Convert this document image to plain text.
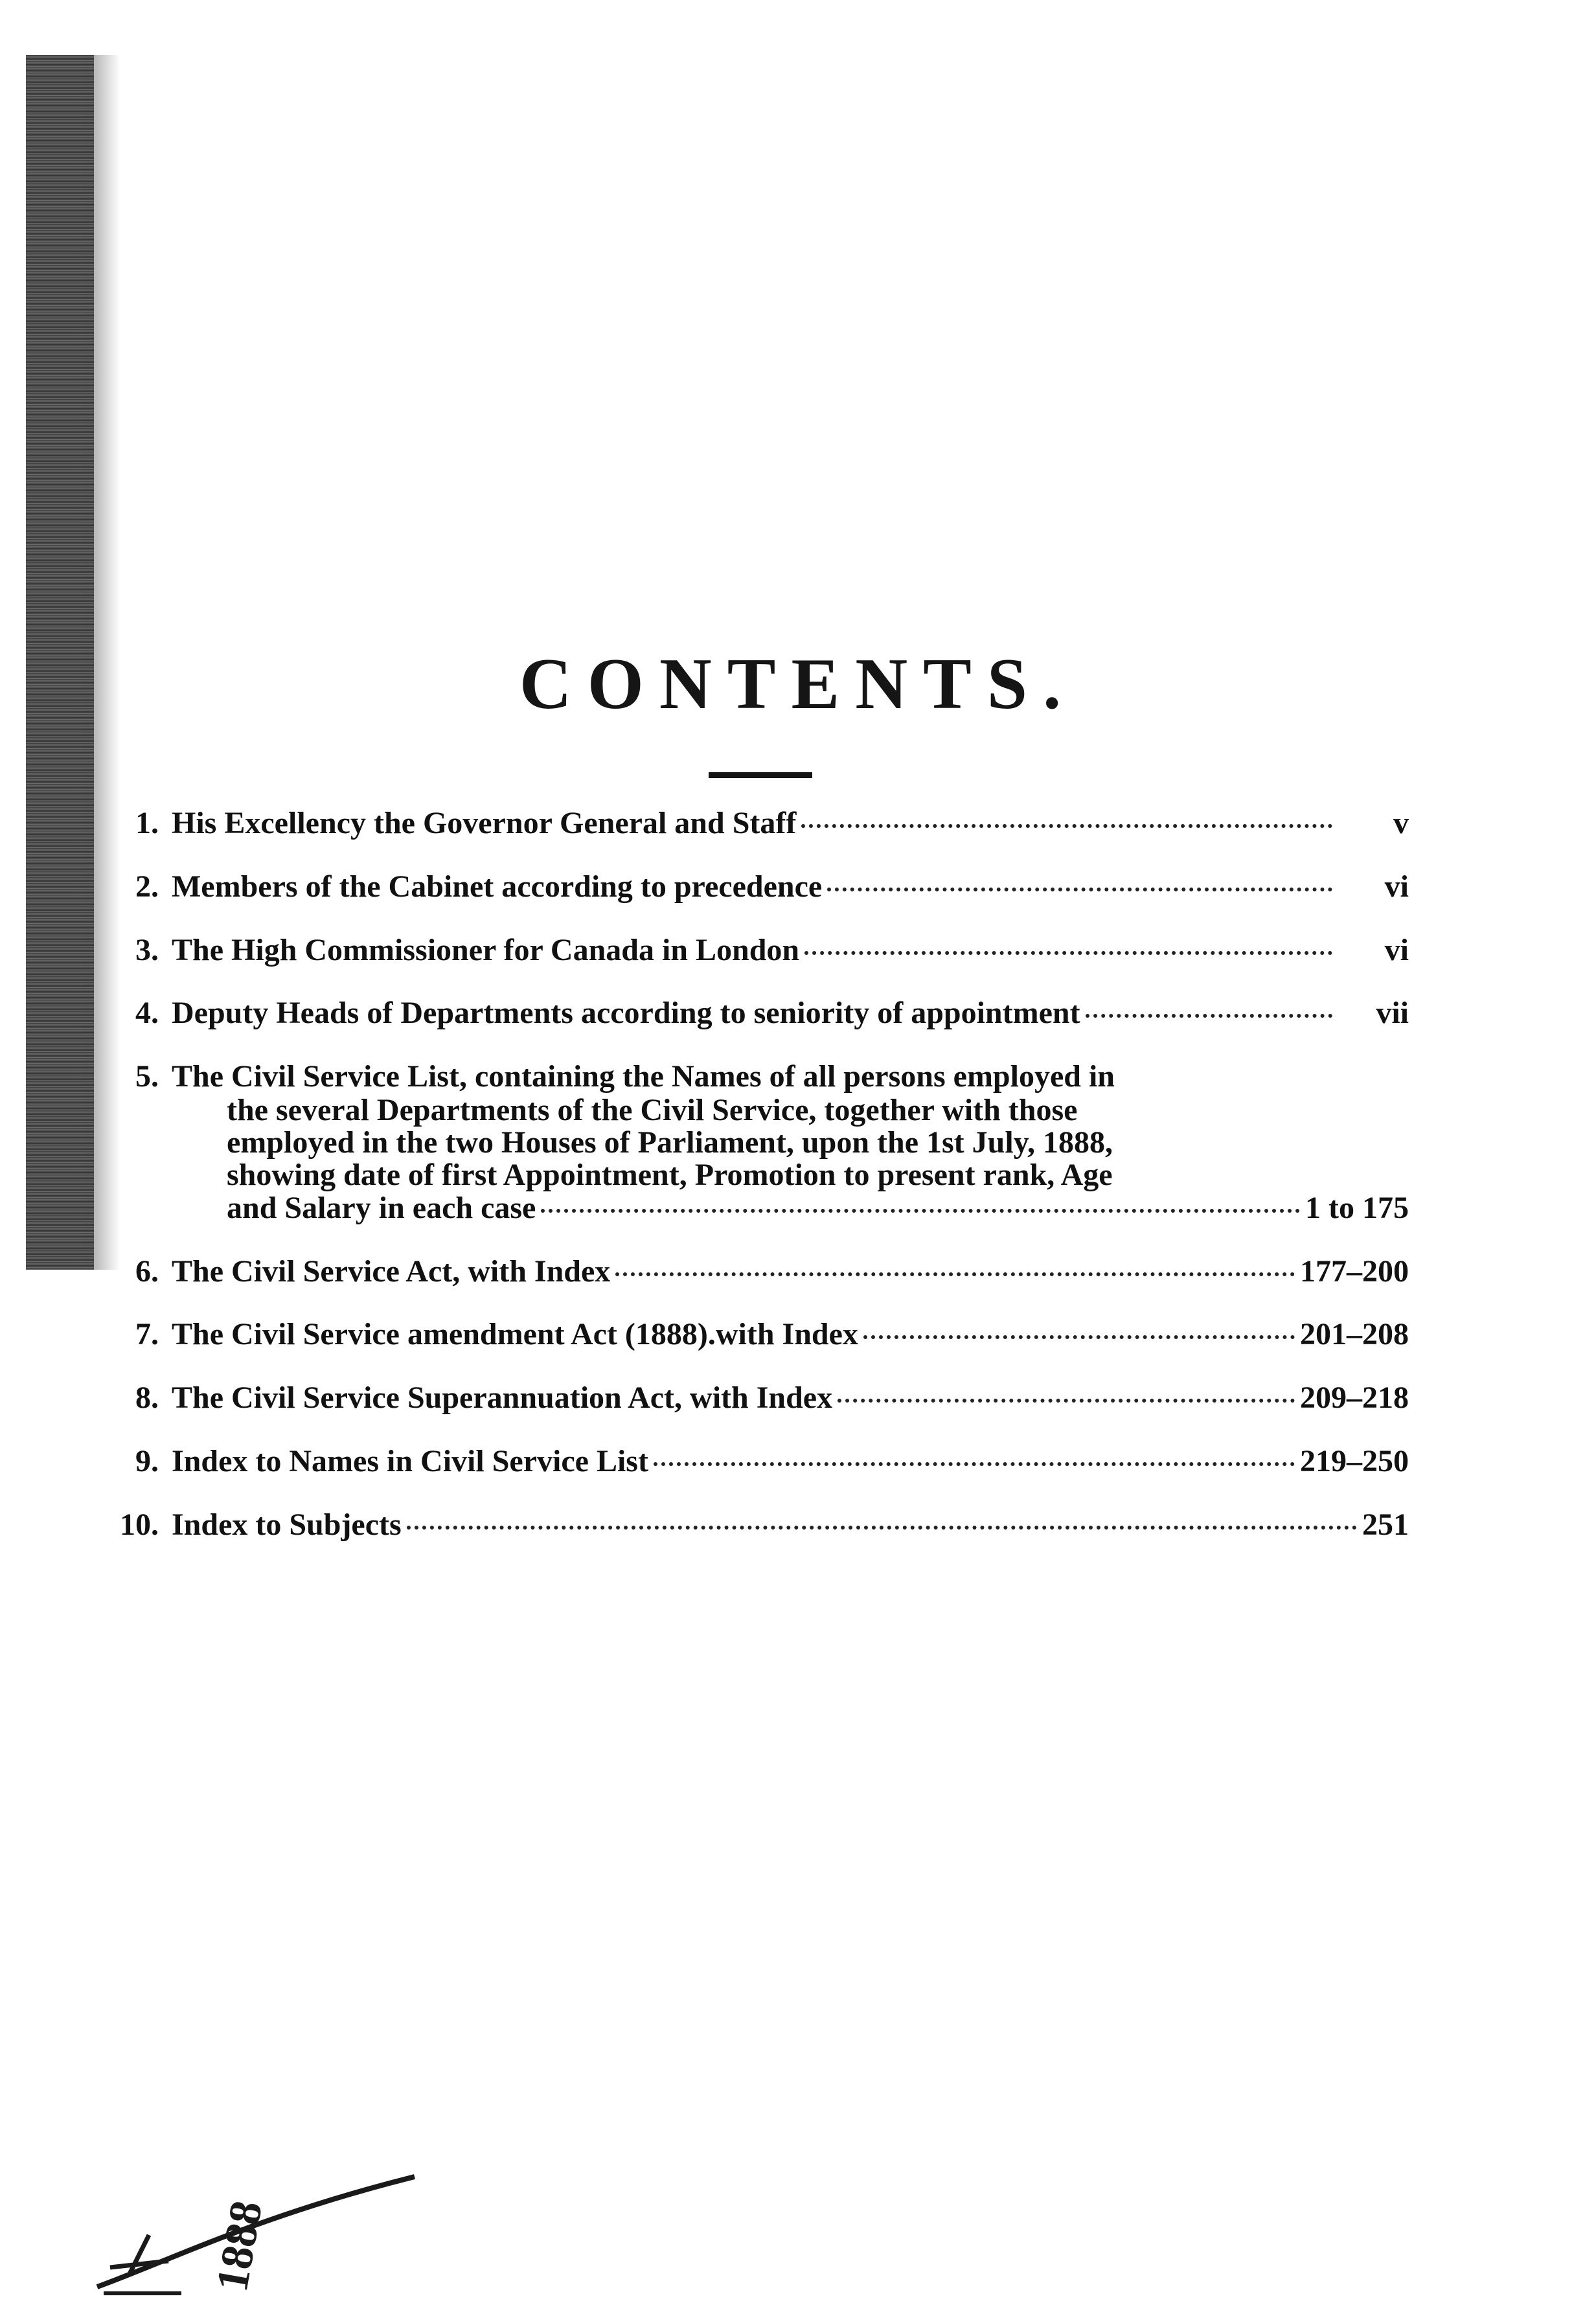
CONTENTS.
1. His Excellency the Governor General and Staff	v
2. Members of the Cabinet according to precedence	vi
3. The High Commissioner for Canada in London	vi
4. Deputy Heads of Departments according to seniority of appointment	vii
5. The Civil Service List, containing the Names of all persons employed in
the several Departments of the Civil Service, together with those
employed in the two Houses of Parliament, upon the 1st July, 1888,
showing date of first Appointment, Promotion to present rank, Age
and Salary in each case	1 to 175
6. The Civil Service Act, with Index	177–200
7. The Civil Service amendment Act (1888).with Index	201–208
8. The Civil Service Superannuation Act, with Index	209–218
9. Index to Names in Civil Service List	219–250
10. Index to Subjects	251
1888
